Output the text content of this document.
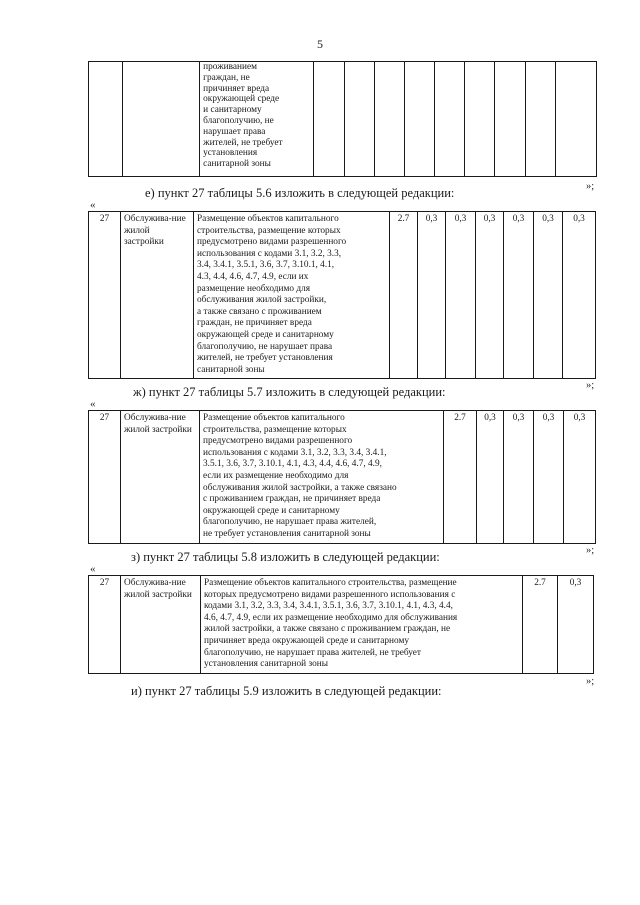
5

проживанием
граждан, не
причиняет вреда
окружающей среде
и санитарному
благополучию, не
нарушает права
жителей, не требует
установления
санитарной зоны

е) пункт 27 таблицы 5.6 изложить в следующей редакции:	»;
«
27	Обслужива-ние жилой застройки	
Размещение объектов капитального
строительства, размещение которых
предусмотрено видами разрешенного
использования с кодами 3.1, 3.2, 3.3,
3.4, 3.4.1, 3.5.1, 3.6, 3.7, 3.10.1, 4.1,
4.3, 4.4, 4.6, 4.7, 4.9, если их
размещение необходимо для
обслуживания жилой застройки,
а также связано с проживанием
граждан, не причиняет вреда
окружающей среде и санитарному
благополучию, не нарушает права
жителей, не требует установления
санитарной зоны
	2.7	0,3	0,3	0,3	0,3	0,3	0,3
ж) пункт 27 таблицы 5.7 изложить в следующей редакции:	»;
«
27	Обслужива-ние жилой застройки	
Размещение объектов капитального
строительства, размещение которых
предусмотрено видами разрешенного
использования с кодами 3.1, 3.2, 3.3, 3.4, 3.4.1,
3.5.1, 3.6, 3.7, 3.10.1, 4.1, 4.3, 4.4, 4.6, 4.7, 4.9,
если их размещение необходимо для
обслуживания жилой застройки, а также связано
с проживанием граждан, не причиняет вреда
окружающей среде и санитарному
благополучию, не нарушает права жителей,
не требует установления санитарной зоны
	2.7	0,3	0,3	0,3	0,3
з) пункт 27 таблицы 5.8 изложить в следующей редакции:	»;
«
27	Обслужива-ние жилой застройки	
Размещение объектов капитального строительства, размещение
которых предусмотрено видами разрешенного использования с
кодами 3.1, 3.2, 3.3, 3.4, 3.4.1, 3.5.1, 3.6, 3.7, 3.10.1, 4.1, 4.3, 4.4,
4.6, 4.7, 4.9, если их размещение необходимо для обслуживания
жилой застройки, а также связано с проживанием граждан, не
причиняет вреда окружающей среде и санитарному
благополучию, не нарушает права жителей, не требует
установления санитарной зоны
	2.7	0,3
»;
и) пункт 27 таблицы 5.9 изложить в следующей редакции:
